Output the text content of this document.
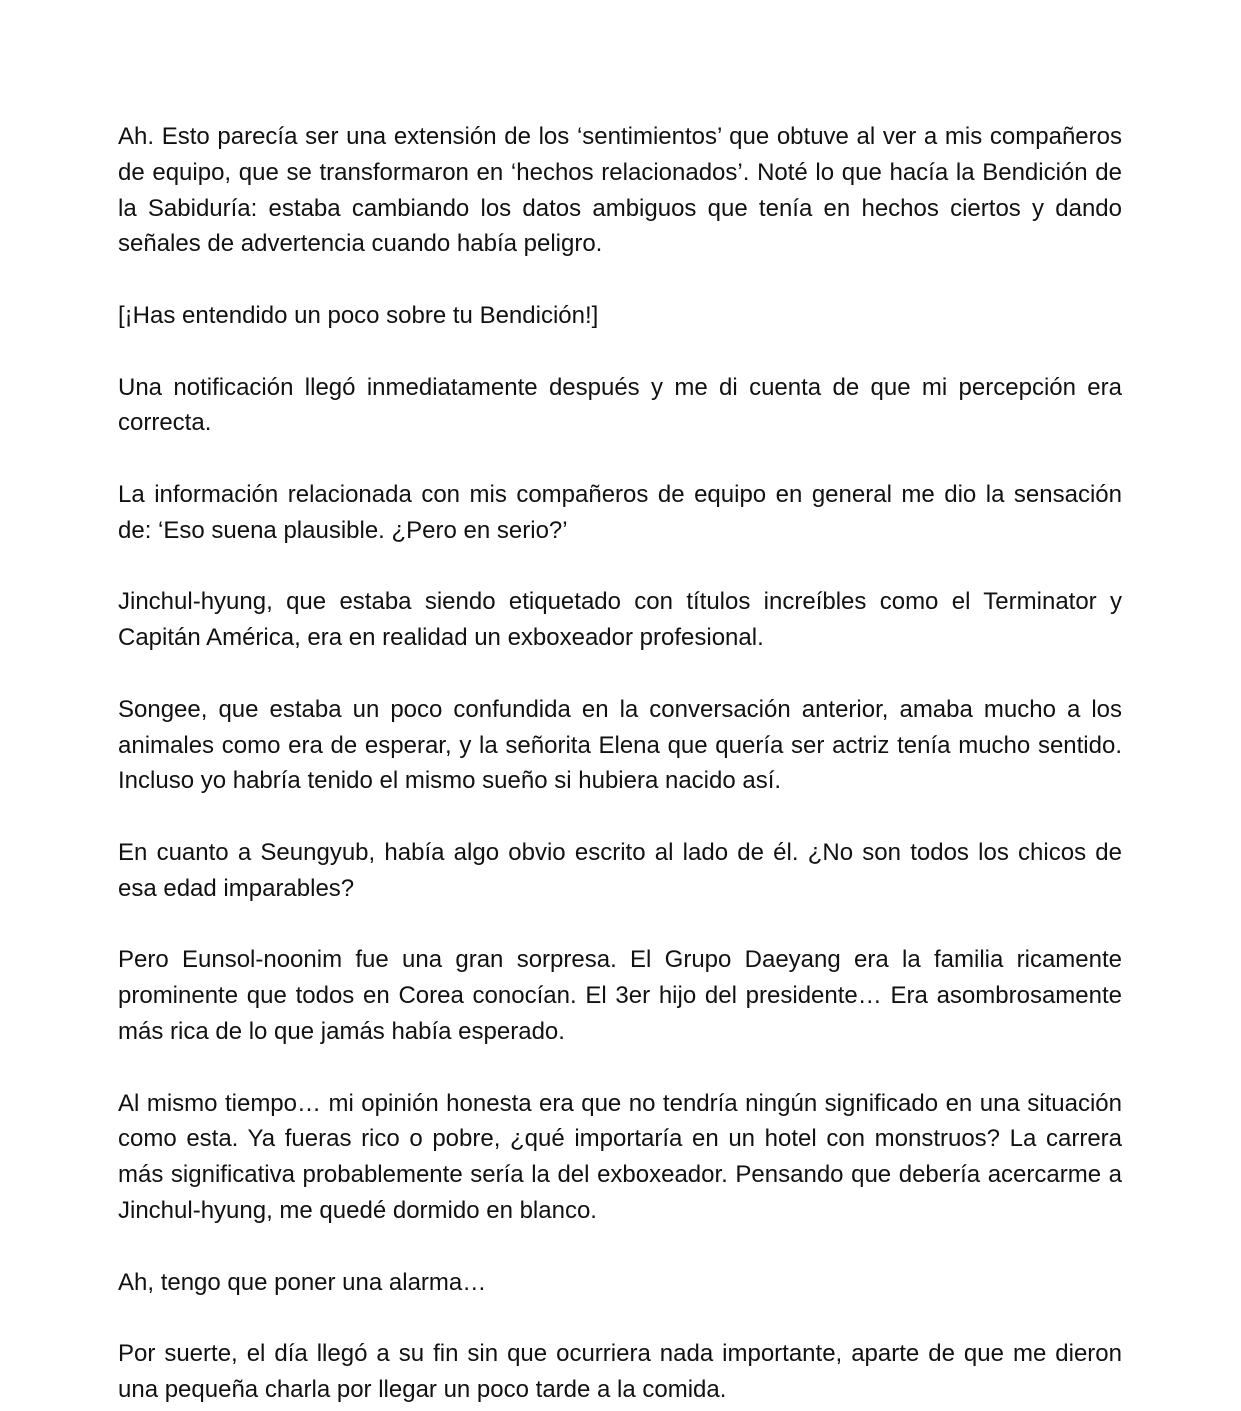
Ah. Esto parecía ser una extensión de los ‘sentimientos’ que obtuve al ver a mis compañeros de equipo, que se transformaron en ‘hechos relacionados’. Noté lo que hacía la Bendición de la Sabiduría: estaba cambiando los datos ambiguos que tenía en hechos ciertos y dando señales de advertencia cuando había peligro.

[¡Has entendido un poco sobre tu Bendición!]

Una notificación llegó inmediatamente después y me di cuenta de que mi percepción era correcta.

La información relacionada con mis compañeros de equipo en general me dio la sensación de: ‘Eso suena plausible. ¿Pero en serio?’

Jinchul-hyung, que estaba siendo etiquetado con títulos increíbles como el Terminator y Capitán América, era en realidad un exboxeador profesional.

Songee, que estaba un poco confundida en la conversación anterior, amaba mucho a los animales como era de esperar, y la señorita Elena que quería ser actriz tenía mucho sentido. Incluso yo habría tenido el mismo sueño si hubiera nacido así.

En cuanto a Seungyub, había algo obvio escrito al lado de él. ¿No son todos los chicos de esa edad imparables?

Pero Eunsol-noonim fue una gran sorpresa. El Grupo Daeyang era la familia ricamente prominente que todos en Corea conocían. El 3er hijo del presidente… Era asombrosamente más rica de lo que jamás había esperado.

Al mismo tiempo… mi opinión honesta era que no tendría ningún significado en una situación como esta. Ya fueras rico o pobre, ¿qué importaría en un hotel con monstruos? La carrera más significativa probablemente sería la del exboxeador. Pensando que debería acercarme a Jinchul-hyung, me quedé dormido en blanco.

Ah, tengo que poner una alarma…

Por suerte, el día llegó a su fin sin que ocurriera nada importante, aparte de que me dieron una pequeña charla por llegar un poco tarde a la comida.
